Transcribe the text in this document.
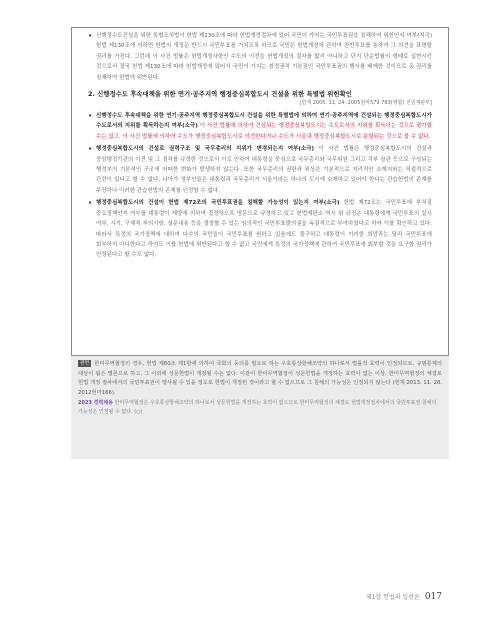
• 신행정수도건설을 위한 특별조치법이 헌법 제130조에 따라 헌법개정절차에 있어 국민이 가지는 국민투표권을 침해하여 위헌인지 여부(적극) 헌법 제130조에 의하면 헌법의 개정은 반드시 국민투표를 거치도록 하므로 국민은 헌법개정에 관하여 찬반투표를 통하여 그 의견을 표명할 권리를 가진다. 그런데 이 사건 법률은 헌법개정사항인 수도의 이전을 헌법개정의 절차를 밟지 아니하고 단지 단순법률의 형태로 실현시킨 것으로서 결국 헌법 제130조에 따라 헌법개정에 있어서 국민이 가지는 참정권적 기본권인 국민투표권의 행사를 배제한 것이므로 동 권리를 침해하여 헌법에 위반된다.

2. 신행정수도 후속대책을 위한 연기·공주지역 행정중심복합도시 건설을 위한 특별법 위헌확인
[헌재 2005. 11. 24. 2005헌마579 763(병합) 전원재판부]
• 신행정수도 후속대책을 위한 연기·공주지역 행정중심복합도시 건설을 위한 특별법에 의하여 연기·공주지역에 건설되는 행정중심복합도시가 수도로서의 지위를 획득하는지 여부(소극) 이 사건 법률에 의하여 건설되는 행정중심복합도시는 수도로서의 지위를 획득하는 것으로 평가할 수는 없고, 이 사건 법률에 의하여 수도가 행정중심복합도시로 이전한다거나 수도가 서울과 행정중심복합도시로 분할되는 것으로 볼 수 없다.

• 행정중심복합도시의 건설로 권력구조 및 국무총리의 지위가 변경되는지 여부(소극) 이 사건 법률은 행정중심복합도시의 건설과 중앙행정기관의 이전 및 그 절차를 규정한 것으로서 이로 인하여 대통령을 중심으로 국무총리와 국무위원 그리고 각부 장관 등으로 구성되는 행정부의 기본적인 구조에 어떠한 변화가 발생하지 않는다. 또한 국무총리의 권한과 위상은 기본적으로 지리적인 소재지와는 직접적으로 관련이 있다고 할 수 없다. 나아가 정부인들은 대통령과 국무총리가 서울이라는 하나의 도시에 소재하고 있어야 한다는 관습헌법의 존재를 주장하나 이러한 관습헌법의 존재를 인정할 수 없다.

• 행정중심복합도시의 건설이 헌법 제72조의 국민투표권을 침해할 가능성이 있는지 여부(소극) 헌법 제72조는 국민투표에 부쳐질 중요정책인지 여부를 대통령이 재량에 의하여 결정하도록 명문으로 규정하고 있고 헌법재판소 역시 위 규정은 대통령에게 국민투표의 실시 여부, 시기, 구체적 부의사항, 설문내용 등을 결정할 수 있는 임의적인 국민투표발의권을 독점적으로 부여하였다고 하여 이를 확인하고 있다. 따라서 특정의 국가정책에 대하여 다수의 국민들이 국민투표를 원하고 있음에도 불구하고 대통령이 이러한 희망과는 달리 국민투표에 회부하지 아니한다고 하여도 이를 헌법에 위반된다고 할 수 없고 국민에게 특정의 국가정책에 관하여 국민투표에 회부할 것을 요구할 권리가 인정된다고 할 수도 없다.

관련 한미무역협정의 경우, 헌법 제60조 제1항에 의하여 국회의 동의를 필요로 하는 우호통상항해조약의 하나로서 법률적 효력이 인정되므로, 규범통제의 대상이 됨은 별론으로 하고, 그 이외에 성문헌법이 개정될 수는 없다. 이같이 한미무역협정이 성문헌법을 개정하는 효력이 없는 이상, 한미무역협정의 체결로 헌법 개정 절차에서의 국민투표권이 행사될 수 있을 정도로 헌법이 개정된 것이라고 할 수 없으므로 그 침해의 가능성은 인정되지 않는다 (헌재 2013. 11. 28. 2012헌마166).

2023 경력채용 한미무역협정은 우호통상항해조약의 하나로서 성문헌법을 개정하는 효력이 없으므로 한미무역협정의 체결로 헌법개정절차에서의 국민투표권 침해의 가능성은 인정될 수 없다. (○)

제1장 헌법의 일반론 017
